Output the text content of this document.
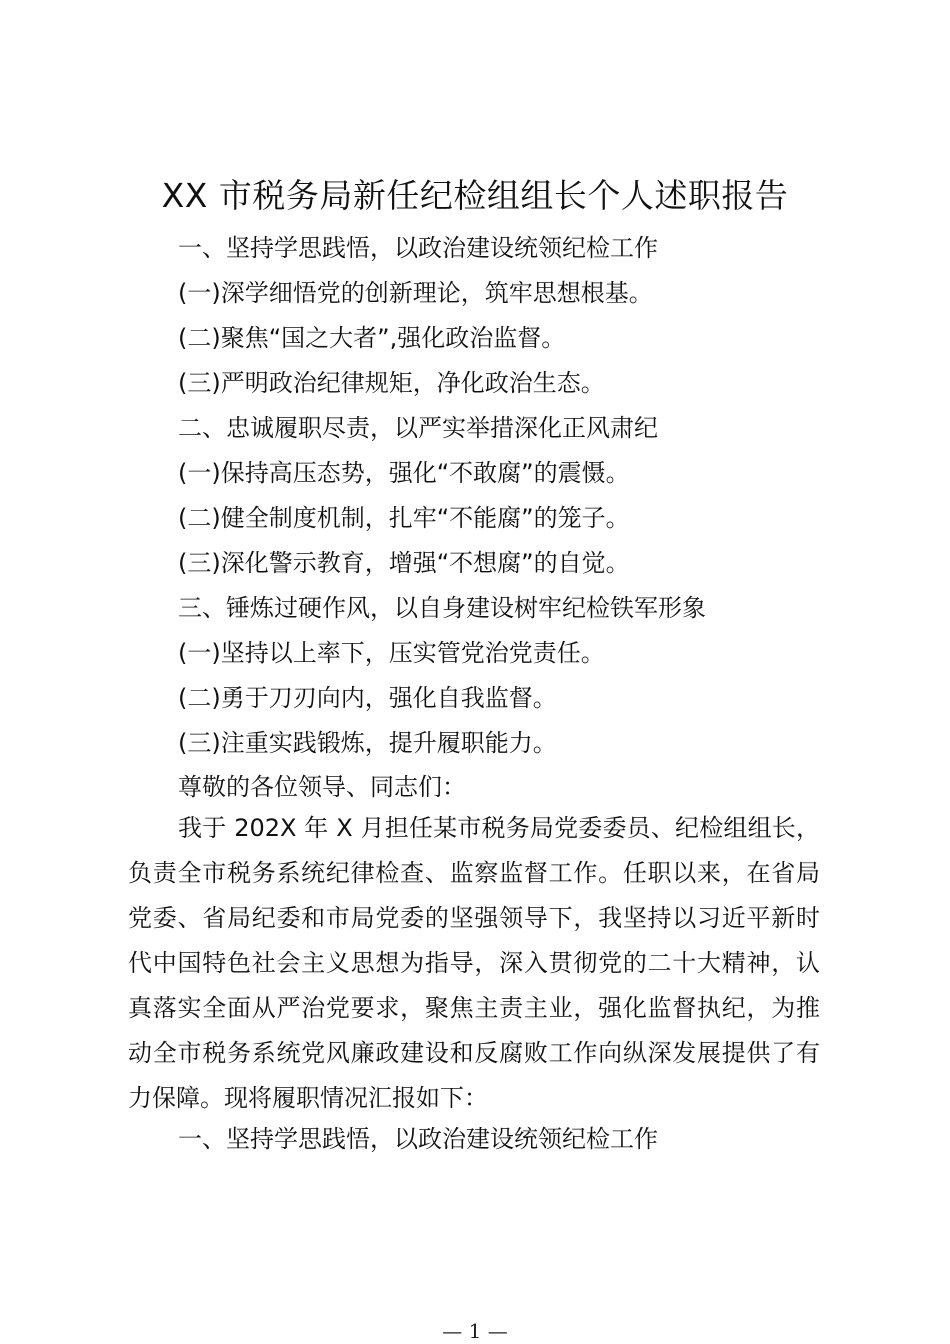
XX 市税务局新任纪检组组长个人述职报告
一、坚持学思践悟，以政治建设统领纪检工作
(一)深学细悟党的创新理论，筑牢思想根基。
(二)聚焦“国之大者”,强化政治监督。
(三)严明政治纪律规矩，净化政治生态。
二、忠诚履职尽责，以严实举措深化正风肃纪
(一)保持高压态势，强化“不敢腐”的震慑。
(二)健全制度机制，扎牢“不能腐”的笼子。
(三)深化警示教育，增强“不想腐”的自觉。
三、锤炼过硬作风，以自身建设树牢纪检铁军形象
(一)坚持以上率下，压实管党治党责任。
(二)勇于刀刃向内，强化自我监督。
(三)注重实践锻炼，提升履职能力。
尊敬的各位领导、同志们：

我于 202X 年 X 月担任某市税务局党委委员、纪检组组长，负责全市税务系统纪律检查、监察监督工作。任职以来，在省局党委、省局纪委和市局党委的坚强领导下，我坚持以习近平新时代中国特色社会主义思想为指导，深入贯彻党的二十大精神，认真落实全面从严治党要求，聚焦主责主业，强化监督执纪，为推动全市税务系统党风廉政建设和反腐败工作向纵深发展提供了有力保障。现将履职情况汇报如下：

一、坚持学思践悟，以政治建设统领纪检工作
— 1 —
